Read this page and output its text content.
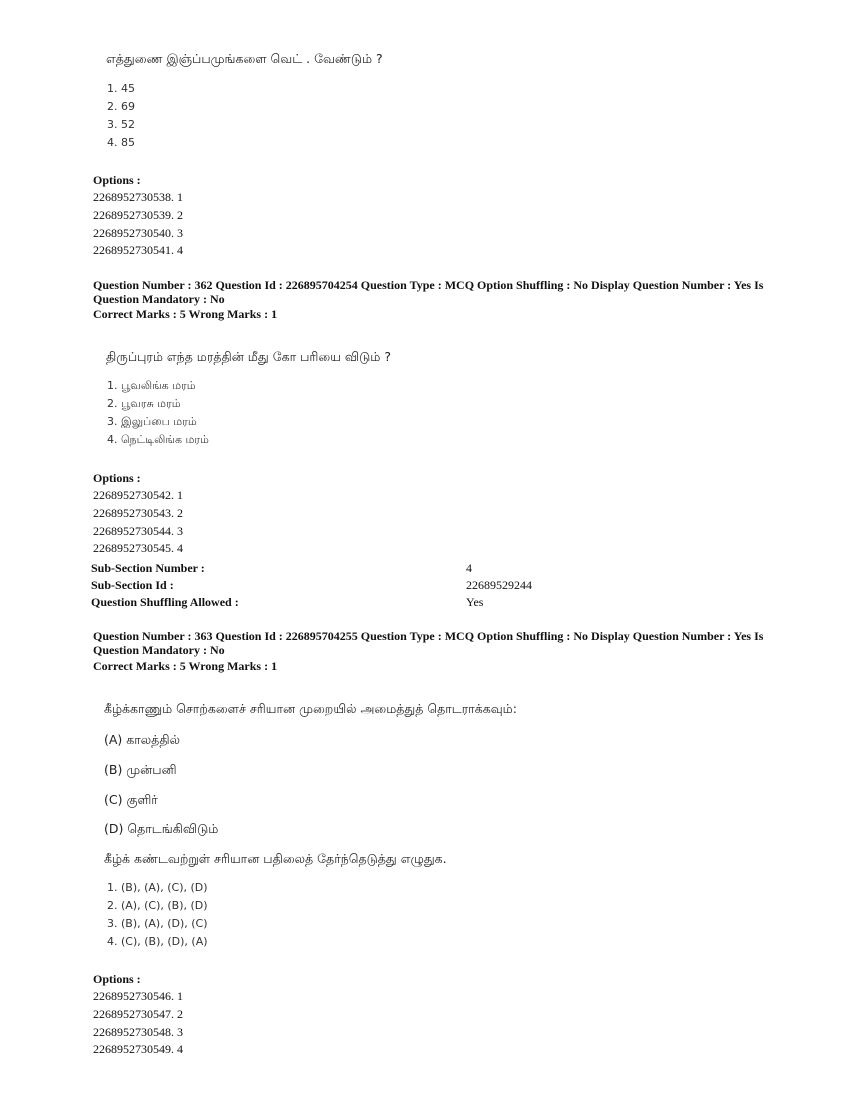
எத்துணை இஞ்ப்பமுங்களை வெட் . வேண்டும் ?
1. 45
2. 69
3. 52
4. 85
Options :
2268952730538. 1
2268952730539. 2
2268952730540. 3
2268952730541. 4
Question Number : 362 Question Id : 226895704254 Question Type : MCQ Option Shuffling : No Display Question Number : Yes Is
Question Mandatory : No
Correct Marks : 5 Wrong Marks : 1
திருப்புரம் எந்த மரத்தின் மீது கோ பரியை விடும் ?
1. பூவலிங்க மரம்
2. பூவரசு மரம்
3. இலுப்பை மரம்
4. நெட்டிலிங்க மரம்
Options :
2268952730542. 1
2268952730543. 2
2268952730544. 3
2268952730545. 4
Sub-Section Number :	4
Sub-Section Id :	22689529244
Question Shuffling Allowed :	Yes
Question Number : 363 Question Id : 226895704255 Question Type : MCQ Option Shuffling : No Display Question Number : Yes Is
Question Mandatory : No
Correct Marks : 5 Wrong Marks : 1
கீழ்க்காணும் சொற்களைச் சரியான முறையில் அமைத்துத் தொடராக்கவும்:
(A) காலத்தில்
(B) முன்பனி
(C) குளிர்
(D) தொடங்கிவிடும்
கீழ்க் கண்டவற்றுள் சரியான பதிலைத் தேர்ந்தெடுத்து எழுதுக.
1. (B), (A), (C), (D)
2. (A), (C), (B), (D)
3. (B), (A), (D), (C)
4. (C), (B), (D), (A)
Options :
2268952730546. 1
2268952730547. 2
2268952730548. 3
2268952730549. 4
